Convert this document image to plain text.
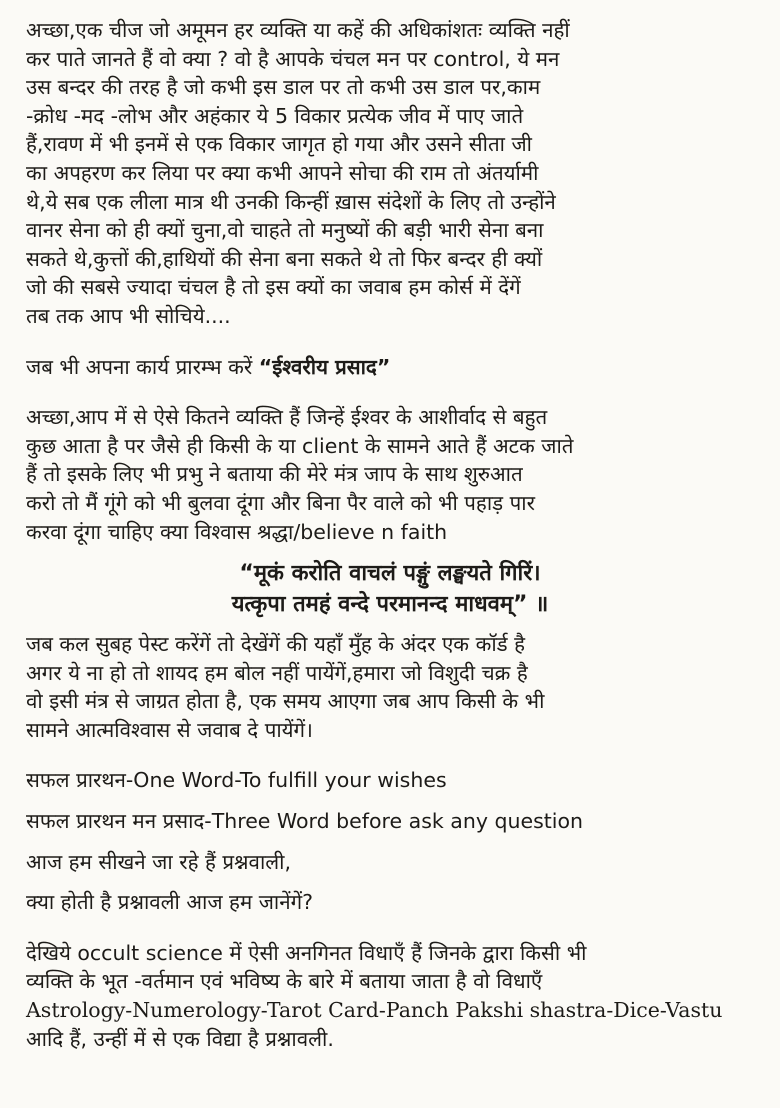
अच्छा,एक चीज जो अमूमन हर व्यक्ति या कहें की अधिकांशतः व्यक्ति नहीं
कर पाते जानते हैं वो क्या ? वो है आपके चंचल मन पर control, ये मन
उस बन्दर की तरह है जो कभी इस डाल पर तो कभी उस डाल पर,काम
-क्रोध -मद -लोभ और अहंकार ये 5 विकार प्रत्येक जीव में पाए जाते
हैं,रावण में भी इनमें से एक विकार जागृत हो गया और उसने सीता जी
का अपहरण कर लिया पर क्या कभी आपने सोचा की राम तो अंतर्यामी
थे,ये सब एक लीला मात्र थी उनकी किन्हीं ख़ास संदेशों के लिए तो उन्होंने
वानर सेना को ही क्यों चुना,वो चाहते तो मनुष्यों की बड़ी भारी सेना बना
सकते थे,कुत्तों की,हाथियों की सेना बना सकते थे तो फिर बन्दर ही क्यों
जो की सबसे ज्यादा चंचल है तो इस क्यों का जवाब हम कोर्स में देंगें
तब तक आप भी सोचिये....

जब भी अपना कार्य प्रारम्भ करें “ईश्वरीय प्रसाद”

अच्छा,आप में से ऐसे कितने व्यक्ति हैं जिन्हें ईश्वर के आशीर्वाद से बहुत
कुछ आता है पर जैसे ही किसी के या client के सामने आते हैं अटक जाते
हैं तो इसके लिए भी प्रभु ने बताया की मेरे मंत्र जाप के साथ शुरुआत
करो तो मैं गूंगे को भी बुलवा दूंगा और बिना पैर वाले को भी पहाड़ पार
करवा दूंगा चाहिए क्या विश्वास श्रद्धा/believe n faith

“मूकं करोति वाचलं पङ्गुं लङ्घयते गिरिं।
यत्कृपा तमहं वन्दे परमानन्द माधवम्” ॥

जब कल सुबह पेस्ट करेंगें तो देखेंगें की यहाँ मुँह के अंदर एक कॉर्ड है
अगर ये ना हो तो शायद हम बोल नहीं पायेंगें,हमारा जो विशुदी चक्र है
वो इसी मंत्र से जाग्रत होता है, एक समय आएगा जब आप किसी के भी
सामने आत्मविश्वास से जवाब दे पायेंगें।

सफल प्रारथन-One Word-To fulfill your wishes

सफल प्रारथन मन प्रसाद-Three Word before ask any question

आज हम सीखने जा रहे हैं प्रश्नवाली,

क्या होती है प्रश्नावली आज हम जानेंगें?

देखिये occult science में ऐसी अनगिनत विधाएँ हैं जिनके द्वारा किसी भी
व्यक्ति के भूत -वर्तमान एवं भविष्य के बारे में बताया जाता है वो विधाएँ
Astrology-Numerology-Tarot Card-Panch Pakshi shastra-Dice-Vastu
आदि हैं, उन्हीं में से एक विद्या है प्रश्नावली.
